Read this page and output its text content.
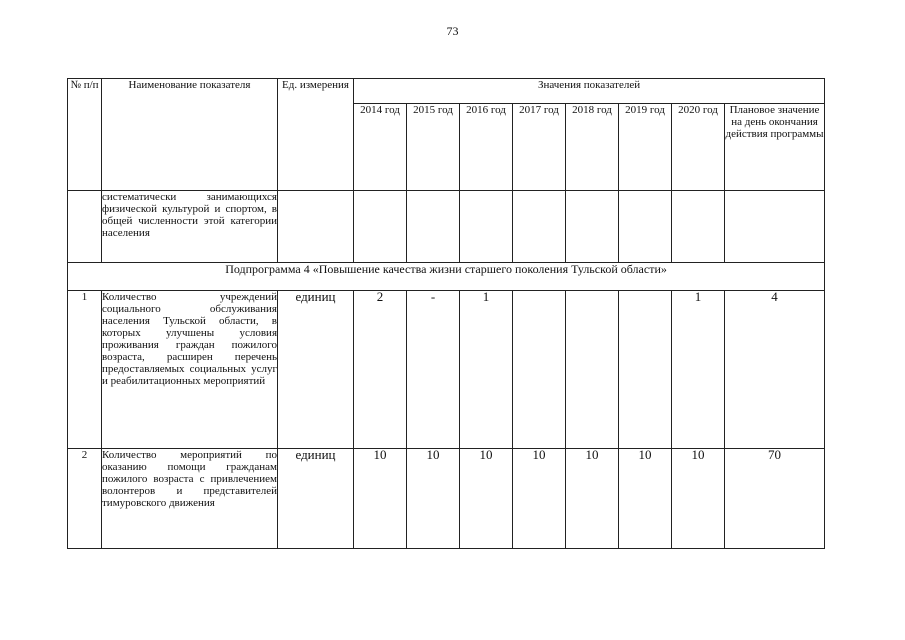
73
№ п/п	Наименование показателя	Ед. измерения	Значения показателей							
			2014 год	2015 год	2016 год	2017 год	2018 год	2019 год	2020 год	Плановое значение на день окончания действия программы
	систематически занимающихся физической культурой и спортом, в общей численности этой категории населения									
Подпрограмма 4 «Повышение качества жизни старшего поколения Тульской области»										
1	Количество учреждений социального обслуживания населения Тульской области, в которых улучшены условия проживания граждан пожилого возраста, расширен перечень предоставляемых социальных услуг и реабилитационных мероприятий	единиц	2	-	1				1	4
2	Количество мероприятий по оказанию помощи гражданам пожилого возраста с привлечением волонтеров и представителей тимуровского движения	единиц	10	10	10	10	10	10	10	70
